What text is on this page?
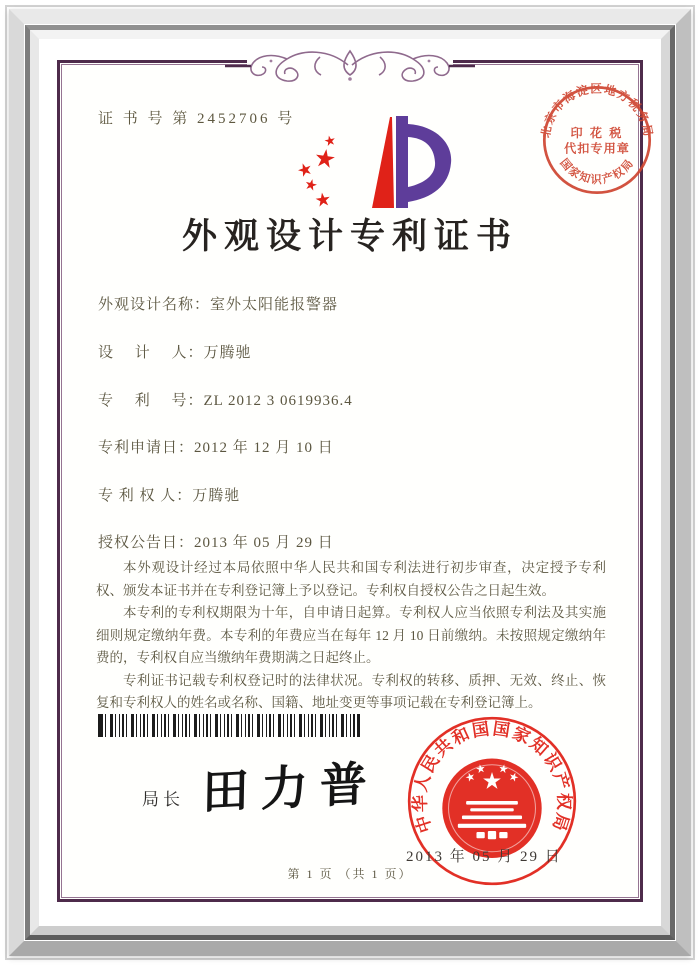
证 书 号 第 2452706 号
北京市海淀区地方税务局
国家知识产权局
印 花 税
代扣专用章
外观设计专利证书
外观设计名称：室外太阳能报警器
设　 计　 人：万腾驰
专　 利　 号：ZL 2012 3 0619936.4
专利申请日：2012 年 12 月 10 日
专 利 权 人：万腾驰
授权公告日：2013 年 05 月 29 日

本外观设计经过本局依照中华人民共和国专利法进行初步审查，决定授予专利权、颁发本证书并在专利登记簿上予以登记。专利权自授权公告之日起生效。

本专利的专利权期限为十年，自申请日起算。专利权人应当依照专利法及其实施细则规定缴纳年费。本专利的年费应当在每年 12 月 10 日前缴纳。未按照规定缴纳年费的，专利权自应当缴纳年费期满之日起终止。

专利证书记载专利权登记时的法律状况。专利权的转移、质押、无效、终止、恢复和专利权人的姓名或名称、国籍、地址变更等事项记载在专利登记簿上。

局长 田力普
中华人民共和国国家知识产权局
2013 年 05 月 29 日
第 1 页 （共 1 页）
